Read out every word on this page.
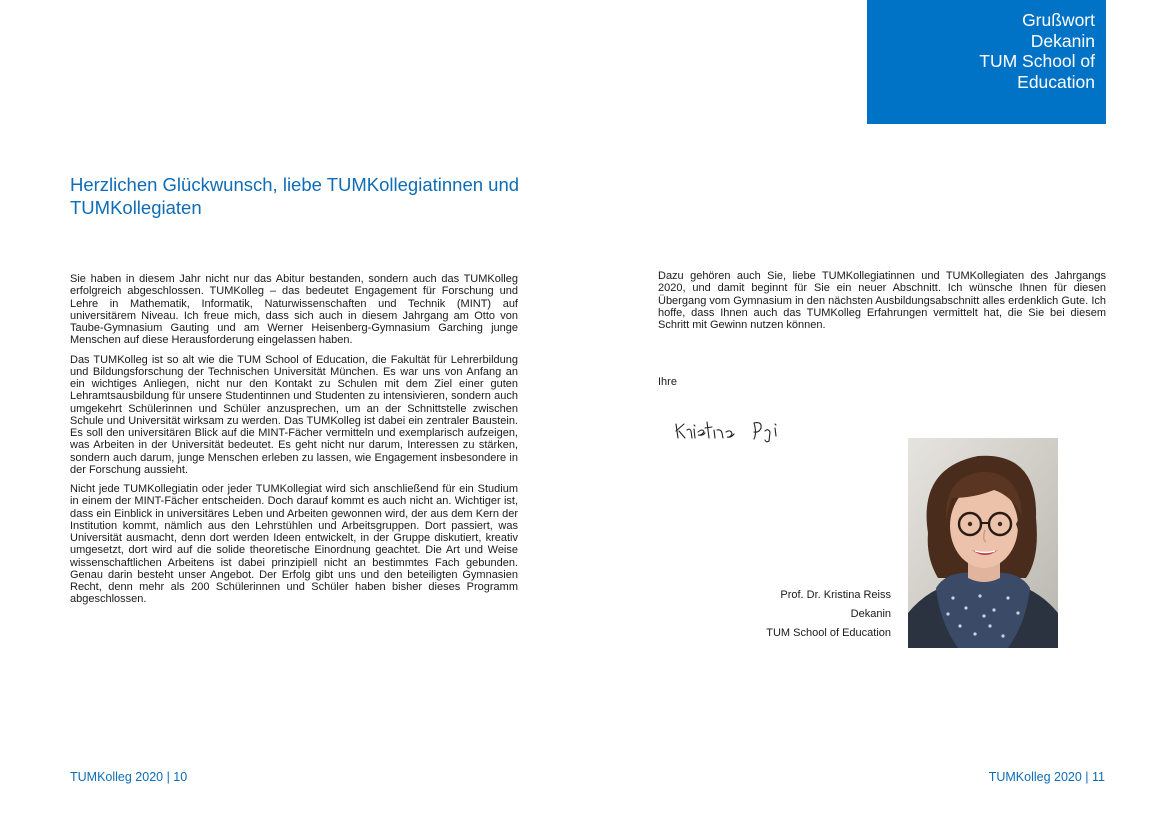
Grußwort
Dekanin
TUM School of
Education
Herzlichen Glückwunsch, liebe TUMKollegiatinnen und TUMKollegiaten

Sie haben in diesem Jahr nicht nur das Abitur bestanden, sondern auch das TUMKolleg erfolgreich abgeschlossen. TUMKolleg – das bedeutet Engagement für Forschung und Lehre in Mathematik, Informatik, Naturwissenschaften und Technik (MINT) auf universitärem Niveau. Ich freue mich, dass sich auch in diesem Jahrgang am Otto von Taube-Gymnasium Gauting und am Werner Heisenberg-Gymnasium Garching junge Menschen auf diese Herausforderung eingelassen haben.

Das TUMKolleg ist so alt wie die TUM School of Education, die Fakultät für Lehrerbildung und Bildungsforschung der Technischen Universität München. Es war uns von Anfang an ein wichtiges Anliegen, nicht nur den Kontakt zu Schulen mit dem Ziel einer guten Lehramtsausbildung für unsere Studentinnen und Studenten zu intensivieren, sondern auch umgekehrt Schülerinnen und Schüler anzusprechen, um an der Schnittstelle zwischen Schule und Universität wirksam zu werden. Das TUMKolleg ist dabei ein zentraler Baustein. Es soll den universitären Blick auf die MINT-Fächer vermitteln und exemplarisch aufzeigen, was Arbeiten in der Universität bedeutet. Es geht nicht nur darum, Interessen zu stärken, sondern auch darum, junge Menschen erleben zu lassen, wie Engagement insbesondere in der Forschung aussieht.

Nicht jede TUMKollegiatin oder jeder TUMKollegiat wird sich anschließend für ein Studium in einem der MINT-Fächer entscheiden. Doch darauf kommt es auch nicht an. Wichtiger ist, dass ein Einblick in universitäres Leben und Arbeiten gewonnen wird, der aus dem Kern der Institution kommt, nämlich aus den Lehrstühlen und Arbeitsgruppen. Dort passiert, was Universität ausmacht, denn dort werden Ideen entwickelt, in der Gruppe diskutiert, kreativ umgesetzt, dort wird auf die solide theoretische Einordnung geachtet. Die Art und Weise wissenschaftlichen Arbeitens ist dabei prinzipiell nicht an bestimmtes Fach gebunden. Genau darin besteht unser Angebot. Der Erfolg gibt uns und den beteiligten Gymnasien Recht, denn mehr als 200 Schülerinnen und Schüler haben bisher dieses Programm abgeschlossen.

Dazu gehören auch Sie, liebe TUMKollegiatinnen und TUMKollegiaten des Jahrgangs 2020, und damit beginnt für Sie ein neuer Abschnitt. Ich wünsche Ihnen für diesen Übergang vom Gymnasium in den nächsten Ausbildungsabschnitt alles erdenklich Gute. Ich hoffe, dass Ihnen auch das TUMKolleg Erfahrungen vermittelt hat, die Sie bei diesem Schritt mit Gewinn nutzen können.

Ihre
Prof. Dr. Kristina Reiss
Dekanin
TUM School of Education
TUMKolleg 2020 | 10	TUMKolleg 2020 | 11
